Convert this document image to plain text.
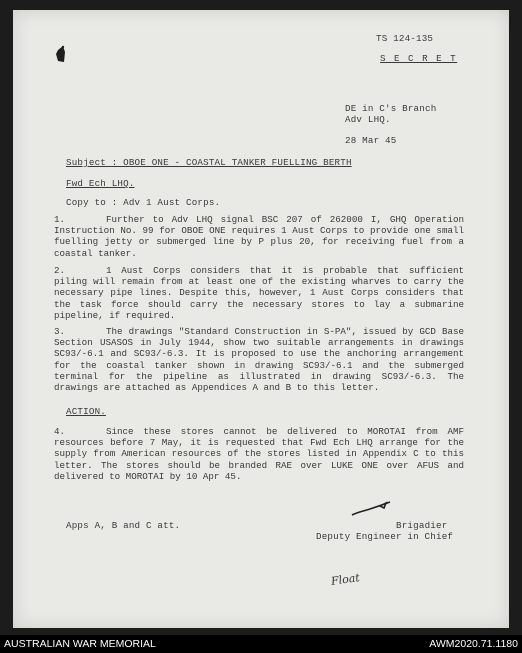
TS 124-135
S E C R E T
DE in C's Branch
Adv LHQ.
28 Mar 45
Subject : OBOE ONE - COASTAL TANKER FUELLING BERTH
Fwd Ech LHQ.
Copy to : Adv 1 Aust Corps.
1.	Further to Adv LHQ signal BSC 207 of 262000 I, GHQ Operation Instruction No. 99 for OBOE ONE requires 1 Aust Corps to provide one small fuelling jetty or submerged line by P plus 20, for receiving fuel from a coastal tanker.
2.	1 Aust Corps considers that it is probable that sufficient piling will remain from at least one of the existing wharves to carry the necessary pipe lines. Despite this, however, 1 Aust Corps considers that the task force should carry the necessary stores to lay a submarine pipeline, if required.
3.	The drawings "Standard Construction in S-PA", issued by GCD Base Section USASOS in July 1944, show two suitable arrangements in drawings SC93/-6.1 and SC93/-6.3. It is proposed to use the anchoring arrangement for the coastal tanker shown in drawing SC93/-6.1 and the submerged terminal for the pipeline as illustrated in drawing SC93/-6.3. The drawings are attached as Appendices A and B to this letter.
ACTION.
4.	Since these stores cannot be delivered to MOROTAI from AMF resources before 7 May, it is requested that Fwd Ech LHQ arrange for the supply from American resources of the stores listed in Appendix C to this letter. The stores should be branded RAE over LUKE ONE over AFUS and delivered to MOROTAI by 10 Apr 45.
Brigadier
Deputy Engineer in Chief
Apps A, B and C att.
Float
AUSTRALIAN WAR MEMORIAL	AWM2020.71.1180
